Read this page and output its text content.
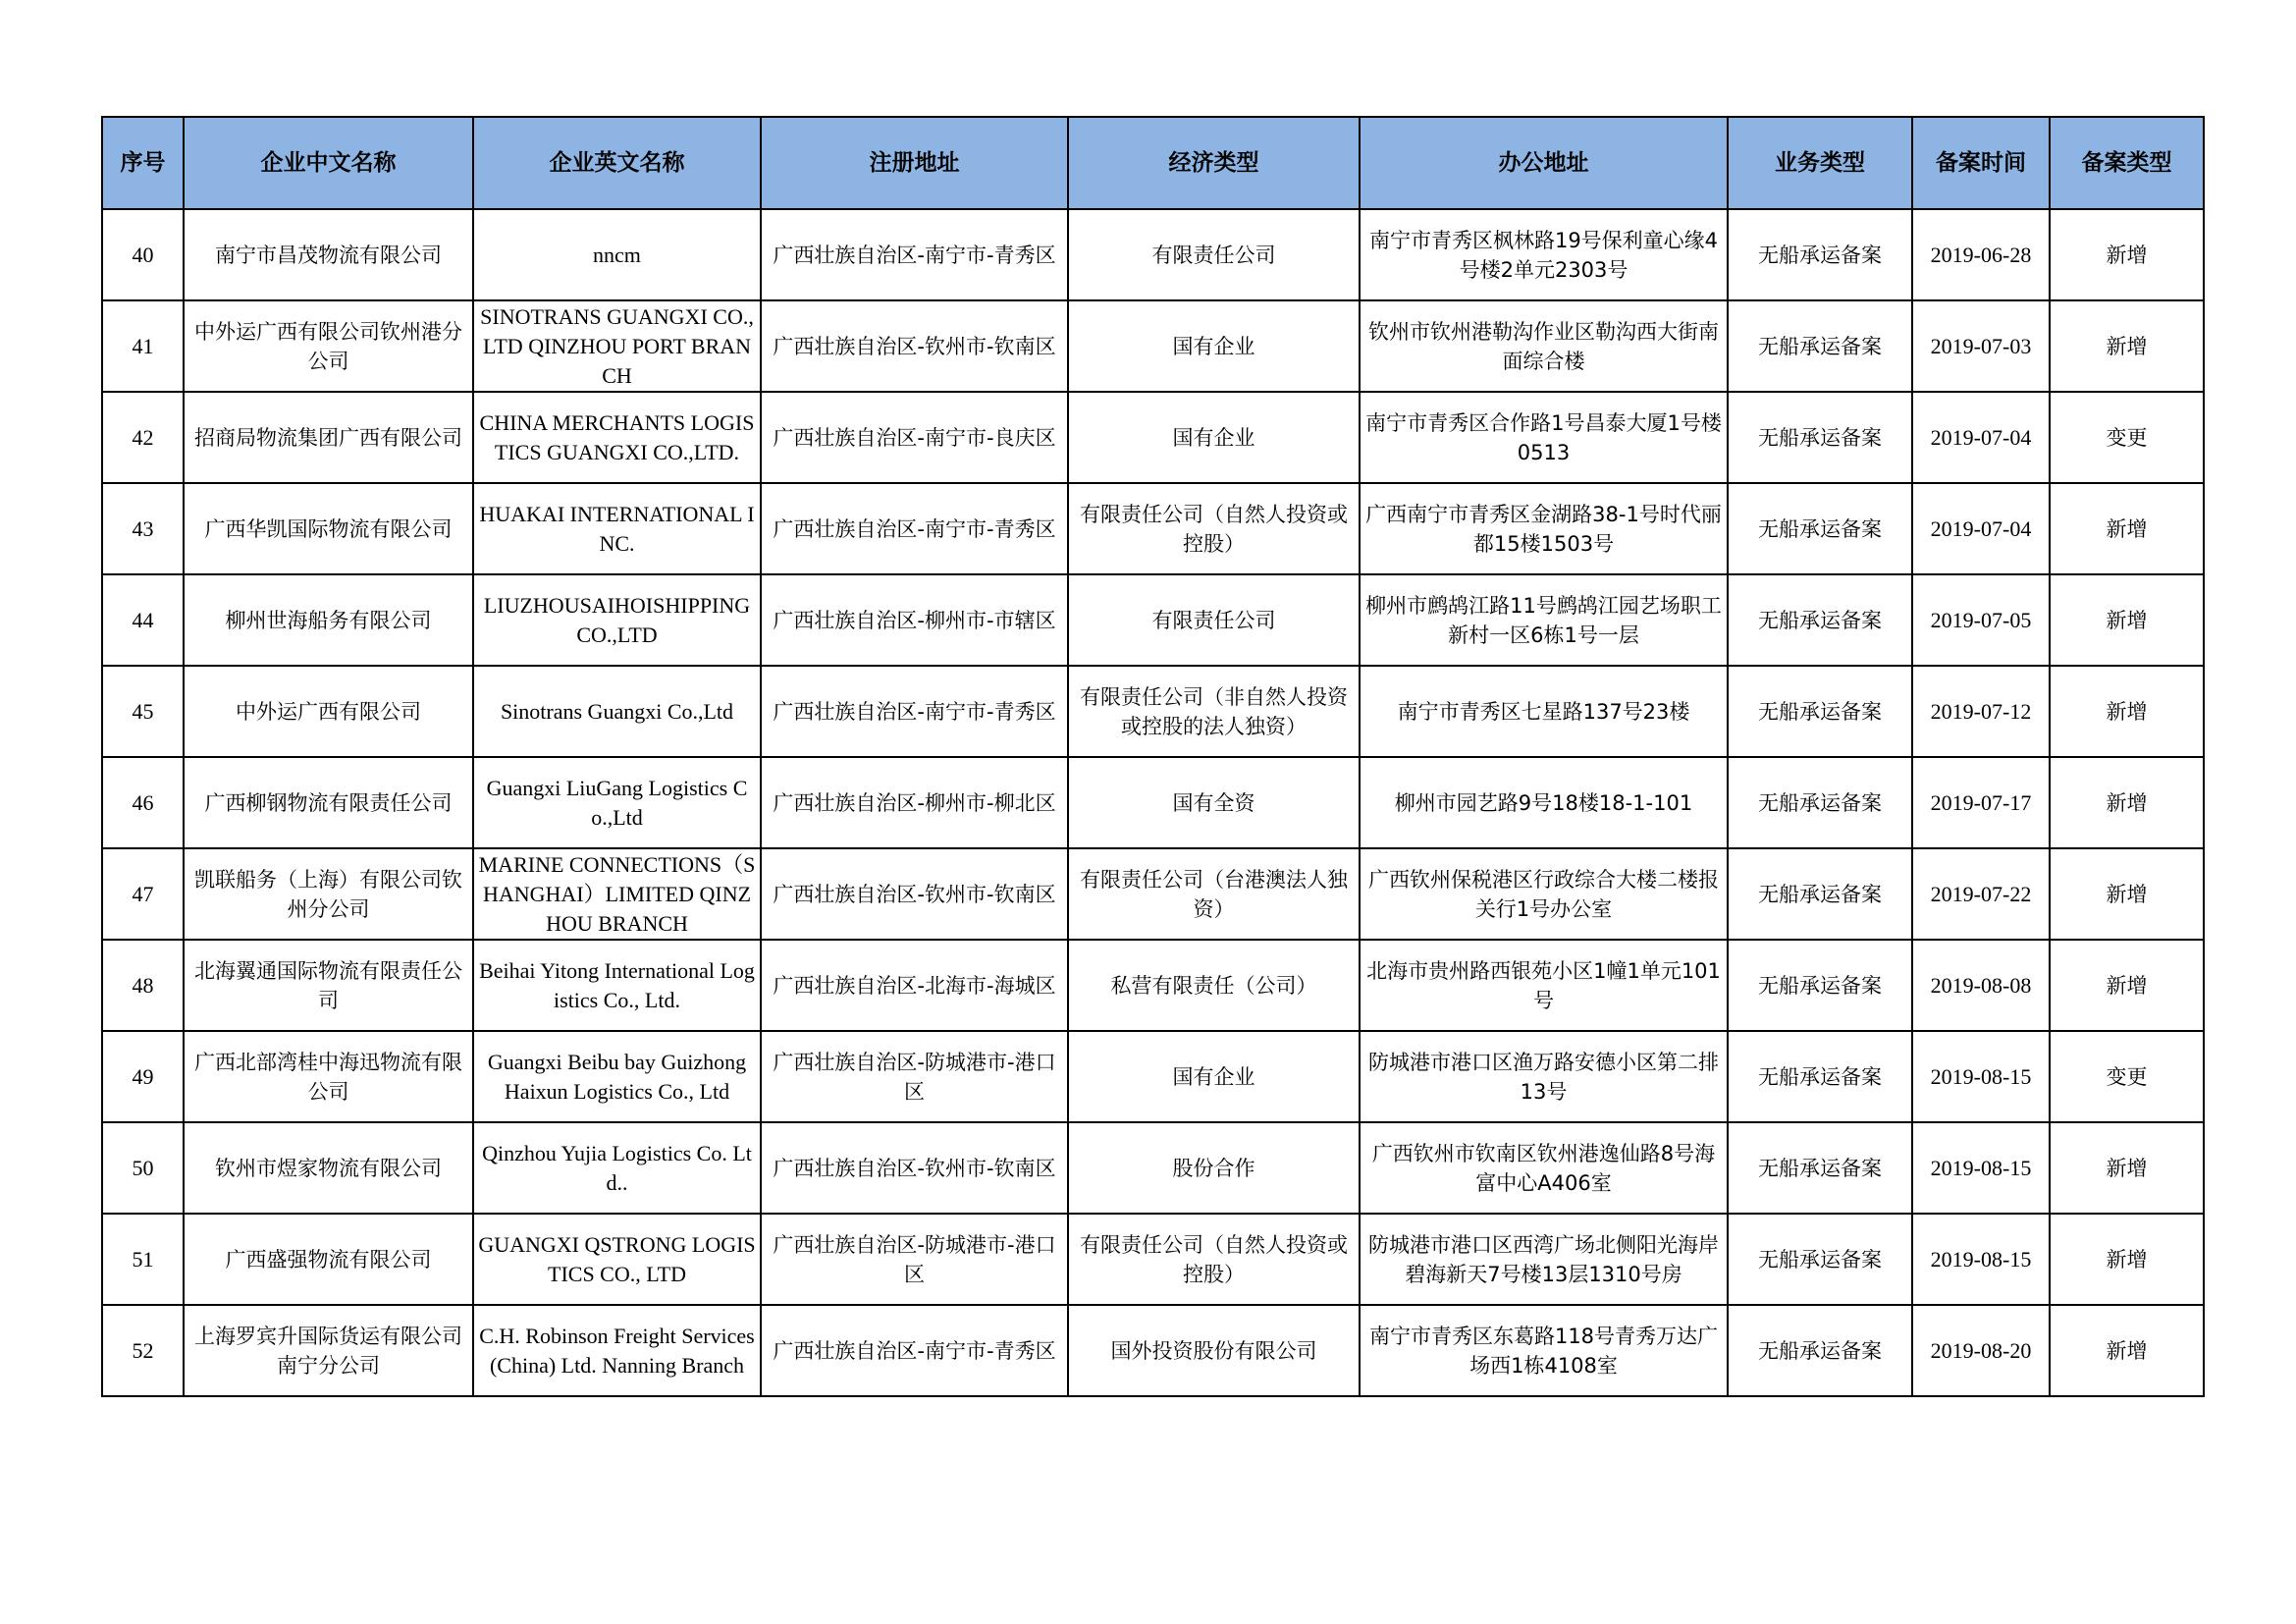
序号	企业中文名称	企业英文名称	注册地址	经济类型	办公地址	业务类型	备案时间	备案类型
40	南宁市昌茂物流有限公司	nncm	广西壮族自治区-南宁市-青秀区	有限责任公司	南宁市青秀区枫林路19号保利童心缘4号楼2单元2303号	无船承运备案	2019-06-28	新增
41	中外运广西有限公司钦州港分公司	SINOTRANS GUANGXI CO.,LTD QINZHOU PORT BRANCH	广西壮族自治区-钦州市-钦南区	国有企业	钦州市钦州港勒沟作业区勒沟西大街南面综合楼	无船承运备案	2019-07-03	新增
42	招商局物流集团广西有限公司	CHINA MERCHANTS LOGISTICS GUANGXI CO.,LTD.	广西壮族自治区-南宁市-良庆区	国有企业	南宁市青秀区合作路1号昌泰大厦1号楼0513	无船承运备案	2019-07-04	变更
43	广西华凯国际物流有限公司	HUAKAI INTERNATIONAL INC.	广西壮族自治区-南宁市-青秀区	有限责任公司（自然人投资或控股）	广西南宁市青秀区金湖路38-1号时代丽都15楼1503号	无船承运备案	2019-07-04	新增
44	柳州世海船务有限公司	LIUZHOUSAIHOISHIPPINGCO.,LTD	广西壮族自治区-柳州市-市辖区	有限责任公司	柳州市鹧鸪江路11号鹧鸪江园艺场职工新村一区6栋1号一层	无船承运备案	2019-07-05	新增
45	中外运广西有限公司	Sinotrans Guangxi Co.,Ltd	广西壮族自治区-南宁市-青秀区	有限责任公司（非自然人投资或控股的法人独资）	南宁市青秀区七星路137号23楼	无船承运备案	2019-07-12	新增
46	广西柳钢物流有限责任公司	Guangxi LiuGang Logistics Co.,Ltd	广西壮族自治区-柳州市-柳北区	国有全资	柳州市园艺路9号18楼18-1-101	无船承运备案	2019-07-17	新增
47	凯联船务（上海）有限公司钦州分公司	MARINE CONNECTIONS（SHANGHAI）LIMITED QINZHOU BRANCH	广西壮族自治区-钦州市-钦南区	有限责任公司（台港澳法人独资）	广西钦州保税港区行政综合大楼二楼报关行1号办公室	无船承运备案	2019-07-22	新增
48	北海翼通国际物流有限责任公司	Beihai Yitong International Logistics Co., Ltd.	广西壮族自治区-北海市-海城区	私营有限责任（公司）	北海市贵州路西银苑小区1幢1单元101号	无船承运备案	2019-08-08	新增
49	广西北部湾桂中海迅物流有限公司	Guangxi Beibu bay Guizhong Haixun Logistics Co., Ltd	广西壮族自治区-防城港市-港口区	国有企业	防城港市港口区渔万路安德小区第二排13号	无船承运备案	2019-08-15	变更
50	钦州市煜家物流有限公司	Qinzhou Yujia Logistics Co. Ltd..	广西壮族自治区-钦州市-钦南区	股份合作	广西钦州市钦南区钦州港逸仙路8号海富中心A406室	无船承运备案	2019-08-15	新增
51	广西盛强物流有限公司	GUANGXI QSTRONG LOGISTICS CO., LTD	广西壮族自治区-防城港市-港口区	有限责任公司（自然人投资或控股）	防城港市港口区西湾广场北侧阳光海岸碧海新天7号楼13层1310号房	无船承运备案	2019-08-15	新增
52	上海罗宾升国际货运有限公司南宁分公司	C.H. Robinson Freight Services (China) Ltd. Nanning Branch	广西壮族自治区-南宁市-青秀区	国外投资股份有限公司	南宁市青秀区东葛路118号青秀万达广场西1栋4108室	无船承运备案	2019-08-20	新增
